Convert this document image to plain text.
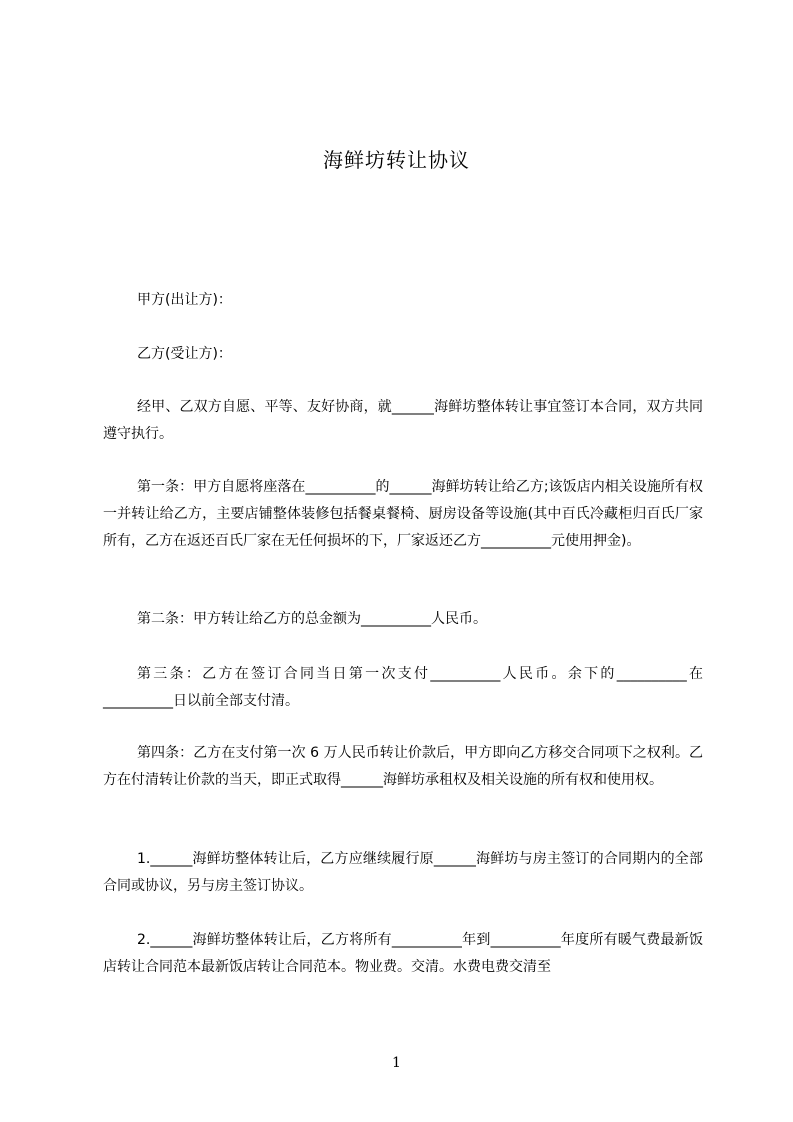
海鲜坊转让协议
甲方(出让方)：
乙方(受让方)：
经甲、乙双方自愿、平等、友好协商，就______海鲜坊整体转让事宜签订本合同，双方共同遵守执行。
第一条：甲方自愿将座落在__________的______海鲜坊转让给乙方;该饭店内相关设施所有权一并转让给乙方，主要店铺整体装修包括餐桌餐椅、厨房设备等设施(其中百氏冷藏柜归百氏厂家所有，乙方在返还百氏厂家在无任何损坏的下，厂家返还乙方__________元使用押金)。
第二条：甲方转让给乙方的总金额为__________人民币。
第三条：乙方在签订合同当日第一次支付__________人民币。余下的__________在__________日以前全部支付清。
第四条：乙方在支付第一次 6 万人民币转让价款后，甲方即向乙方移交合同项下之权利。乙方在付清转让价款的当天，即正式取得______海鲜坊承租权及相关设施的所有权和使用权。
1.______海鲜坊整体转让后，乙方应继续履行原______海鲜坊与房主签订的合同期内的全部合同或协议，另与房主签订协议。
2.______海鲜坊整体转让后，乙方将所有__________年到__________年度所有暖气费最新饭店转让合同范本最新饭店转让合同范本。物业费。交清。水费电费交清至
1
